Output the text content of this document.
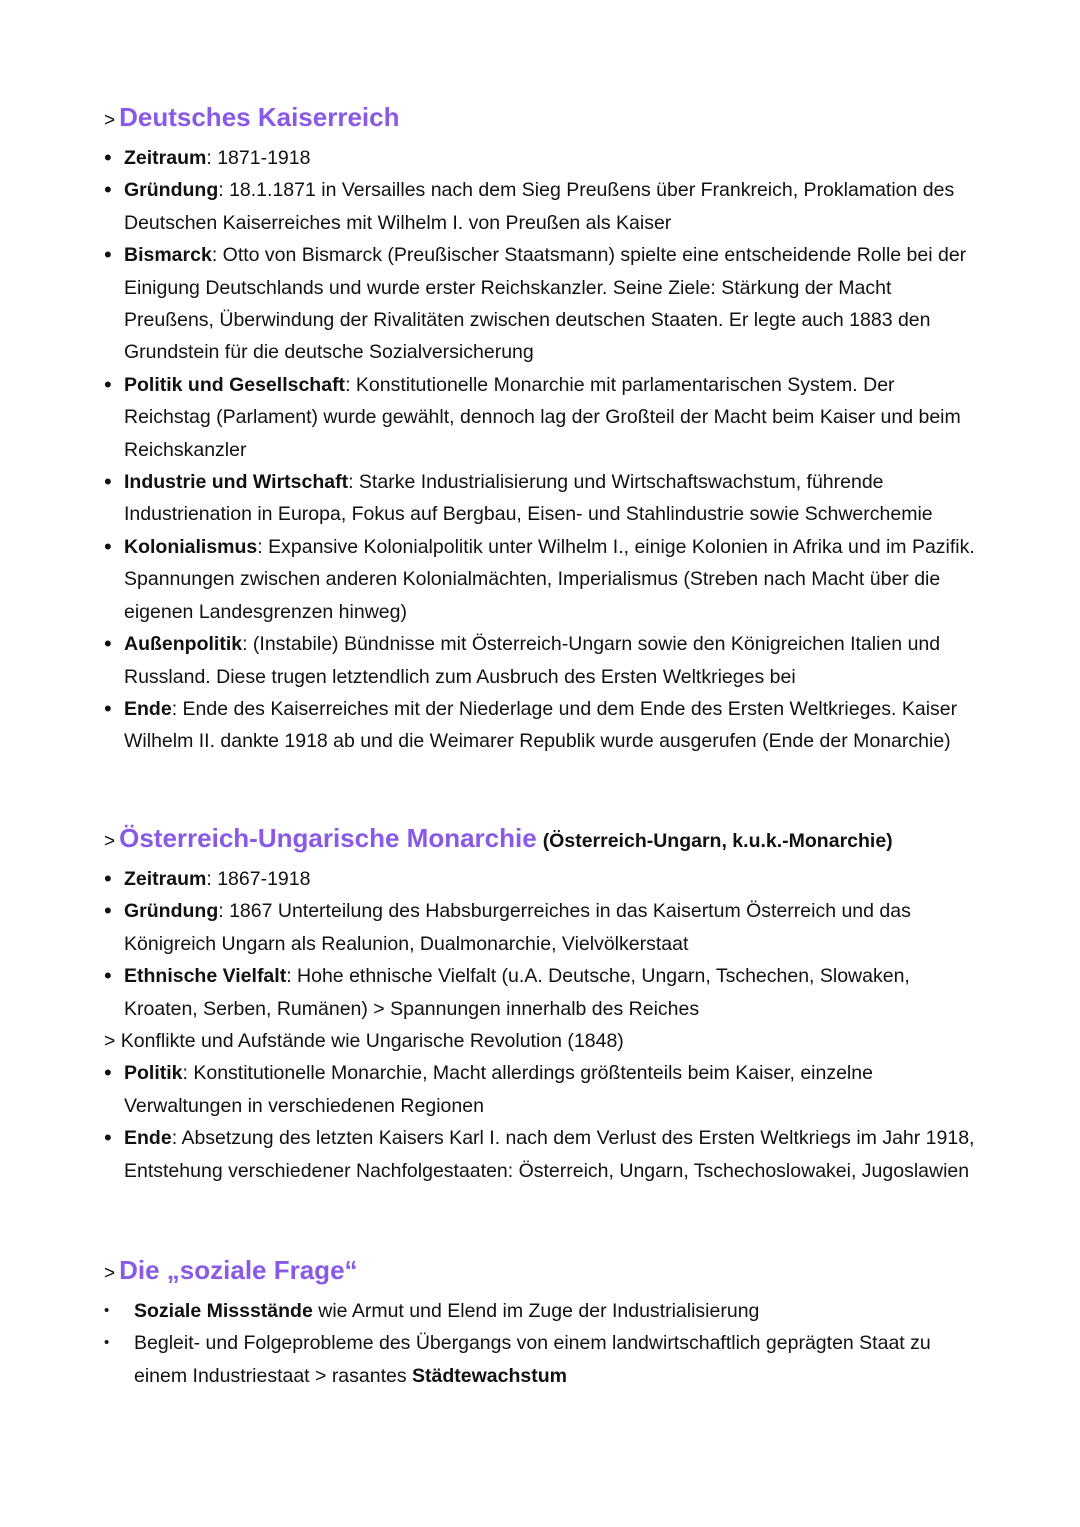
> Deutsches Kaiserreich
• Zeitraum: 1871-1918
• Gründung: 18.1.1871 in Versailles nach dem Sieg Preußens über Frankreich, Proklamation des Deutschen Kaiserreiches mit Wilhelm I. von Preußen als Kaiser
• Bismarck: Otto von Bismarck (Preußischer Staatsmann) spielte eine entscheidende Rolle bei der Einigung Deutschlands und wurde erster Reichskanzler. Seine Ziele: Stärkung der Macht Preußens, Überwindung der Rivalitäten zwischen deutschen Staaten. Er legte auch 1883 den Grundstein für die deutsche Sozialversicherung
• Politik und Gesellschaft: Konstitutionelle Monarchie mit parlamentarischen System. Der Reichstag (Parlament) wurde gewählt, dennoch lag der Großteil der Macht beim Kaiser und beim Reichskanzler
• Industrie und Wirtschaft: Starke Industrialisierung und Wirtschaftswachstum, führende Industrienation in Europa, Fokus auf Bergbau, Eisen- und Stahlindustrie sowie Schwerchemie
• Kolonialismus: Expansive Kolonialpolitik unter Wilhelm I., einige Kolonien in Afrika und im Pazifik. Spannungen zwischen anderen Kolonialmächten, Imperialismus (Streben nach Macht über die eigenen Landesgrenzen hinweg)
• Außenpolitik: (Instabile) Bündnisse mit Österreich-Ungarn sowie den Königreichen Italien und Russland. Diese trugen letztendlich zum Ausbruch des Ersten Weltkrieges bei
• Ende: Ende des Kaiserreiches mit der Niederlage und dem Ende des Ersten Weltkrieges. Kaiser Wilhelm II. dankte 1918 ab und die Weimarer Republik wurde ausgerufen (Ende der Monarchie)
> Österreich-Ungarische Monarchie (Österreich-Ungarn, k.u.k.-Monarchie)
• Zeitraum: 1867-1918
• Gründung: 1867 Unterteilung des Habsburgerreiches in das Kaisertum Österreich und das Königreich Ungarn als Realunion, Dualmonarchie, Vielvölkerstaat
• Ethnische Vielfalt: Hohe ethnische Vielfalt (u.A. Deutsche, Ungarn, Tschechen, Slowaken, Kroaten, Serben, Rumänen) > Spannungen innerhalb des Reiches
> Konflikte und Aufstände wie Ungarische Revolution (1848)
• Politik: Konstitutionelle Monarchie, Macht allerdings größtenteils beim Kaiser, einzelne Verwaltungen in verschiedenen Regionen
• Ende: Absetzung des letzten Kaisers Karl I. nach dem Verlust des Ersten Weltkriegs im Jahr 1918, Entstehung verschiedener Nachfolgestaaten: Österreich, Ungarn, Tschechoslowakei, Jugoslawien
> Die „soziale Frage“
• Soziale Missstände wie Armut und Elend im Zuge der Industrialisierung
• Begleit- und Folgeprobleme des Übergangs von einem landwirtschaftlich geprägten Staat zu einem Industriestaat > rasantes Städtewachstum
